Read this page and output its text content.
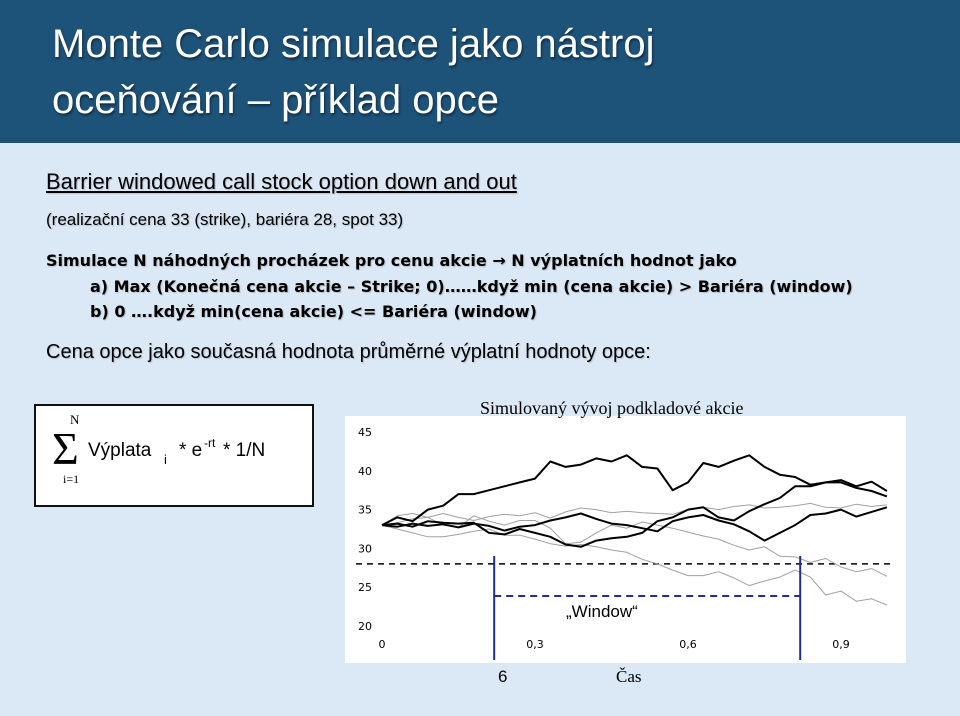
Monte Carlo simulace jako nástroj
oceňování – příklad opce
Barrier windowed call stock option down and out
(realizační cena 33 (strike), bariéra 28, spot 33)
Simulace N náhodných procházek pro cenu akcie → N výplatních hodnot jako
a) Max (Konečná cena akcie – Strike; 0)……když min (cena akcie) > Bariéra (window)
b) 0 ….když min(cena akcie) <= Bariéra (window)
Cena opce jako současná hodnota průměrné výplatní hodnoty opce:
N
Σ
i=1
Výplata i * e -rt * 1/N
Simulovaný vývoj podkladové akcie
45
40
35
30
25
20
0	0,3	0,6	0,9
„Window“
6	Čas
